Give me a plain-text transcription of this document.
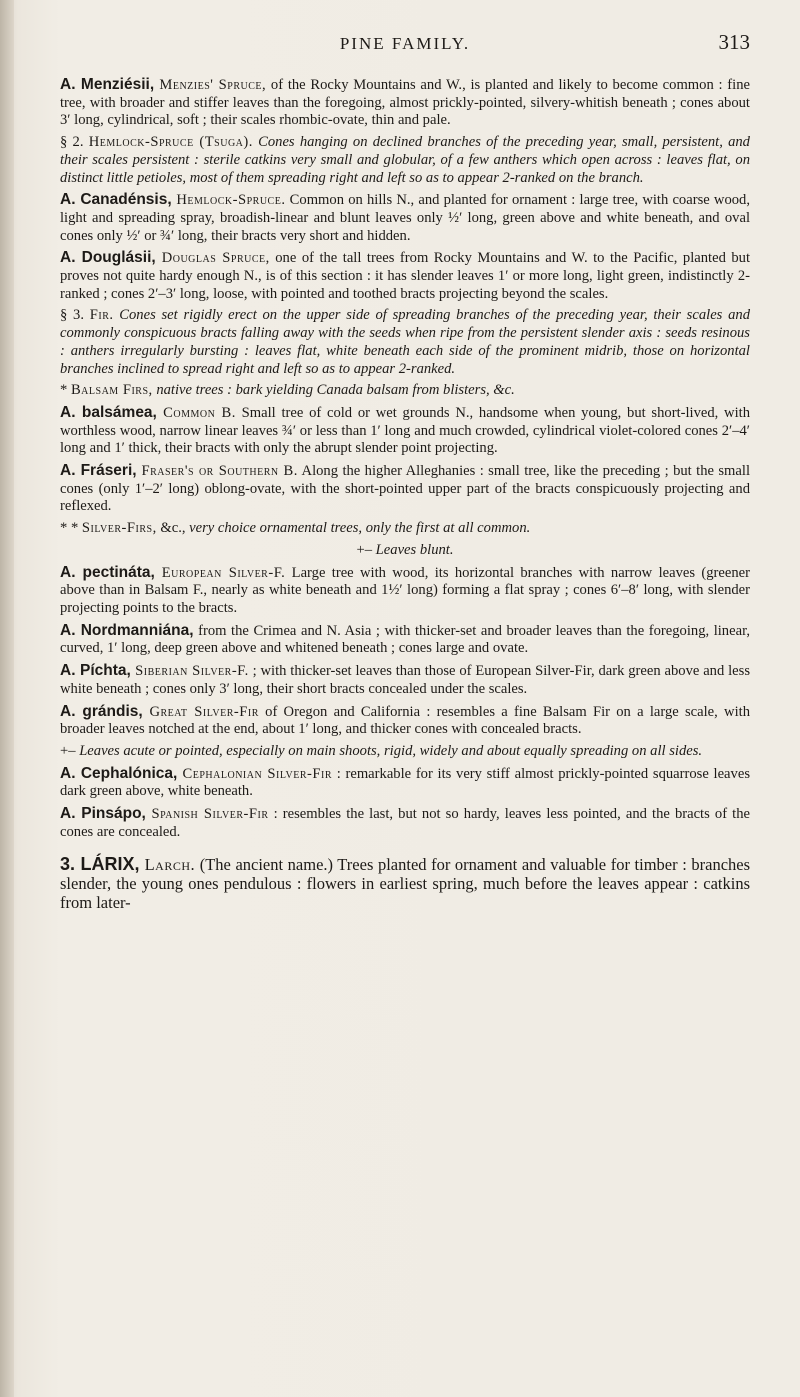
PINE FAMILY.	313

A. Menziésii, Menzies' Spruce, of the Rocky Mountains and W., is planted and likely to become common : fine tree, with broader and stiffer leaves than the foregoing, almost prickly-pointed, silvery-whitish beneath ; cones about 3′ long, cylindrical, soft ; their scales rhombic-ovate, thin and pale.

§ 2. Hemlock-Spruce (Tsuga). Cones hanging on declined branches of the preceding year, small, persistent, and their scales persistent : sterile catkins very small and globular, of a few anthers which open across : leaves flat, on distinct little petioles, most of them spreading right and left so as to appear 2-ranked on the branch.

A. Canadénsis, Hemlock-Spruce. Common on hills N., and planted for ornament : large tree, with coarse wood, light and spreading spray, broadish-linear and blunt leaves only ½′ long, green above and white beneath, and oval cones only ½′ or ¾′ long, their bracts very short and hidden.

A. Douglásii, Douglas Spruce, one of the tall trees from Rocky Mountains and W. to the Pacific, planted but proves not quite hardy enough N., is of this section : it has slender leaves 1′ or more long, light green, indistinctly 2-ranked ; cones 2′–3′ long, loose, with pointed and toothed bracts projecting beyond the scales.

§ 3. Fir. Cones set rigidly erect on the upper side of spreading branches of the preceding year, their scales and commonly conspicuous bracts falling away with the seeds when ripe from the persistent slender axis : seeds resinous : anthers irregularly bursting : leaves flat, white beneath each side of the prominent midrib, those on horizontal branches inclined to spread right and left so as to appear 2-ranked.

* Balsam Firs, native trees : bark yielding Canada balsam from blisters, &c.

A. balsámea, Common B. Small tree of cold or wet grounds N., handsome when young, but short-lived, with worthless wood, narrow linear leaves ¾′ or less than 1′ long and much crowded, cylindrical violet-colored cones 2′–4′ long and 1′ thick, their bracts with only the abrupt slender point projecting.

A. Fráseri, Fraser's or Southern B. Along the higher Alleghanies : small tree, like the preceding ; but the small cones (only 1′–2′ long) oblong-ovate, with the short-pointed upper part of the bracts conspicuously projecting and reflexed.

* * Silver-Firs, &c., very choice ornamental trees, only the first at all common.

+– Leaves blunt.

A. pectináta, European Silver-F. Large tree with wood, its horizontal branches with narrow leaves (greener above than in Balsam F., nearly as white beneath and 1½′ long) forming a flat spray ; cones 6′–8′ long, with slender projecting points to the bracts.

A. Nordmanniána, from the Crimea and N. Asia ; with thicker-set and broader leaves than the foregoing, linear, curved, 1′ long, deep green above and whitened beneath ; cones large and ovate.

A. Píchta, Siberian Silver-F. ; with thicker-set leaves than those of European Silver-Fir, dark green above and less white beneath ; cones only 3′ long, their short bracts concealed under the scales.

A. grándis, Great Silver-Fir of Oregon and California : resembles a fine Balsam Fir on a large scale, with broader leaves notched at the end, about 1′ long, and thicker cones with concealed bracts.

+– Leaves acute or pointed, especially on main shoots, rigid, widely and about equally spreading on all sides.

A. Cephalónica, Cephalonian Silver-Fir : remarkable for its very stiff almost prickly-pointed squarrose leaves dark green above, white beneath.

A. Pinsápo, Spanish Silver-Fir : resembles the last, but not so hardy, leaves less pointed, and the bracts of the cones are concealed.

3. LÁRIX, Larch. (The ancient name.) Trees planted for ornament and valuable for timber : branches slender, the young ones pendulous : flowers in earliest spring, much before the leaves appear : catkins from later-
